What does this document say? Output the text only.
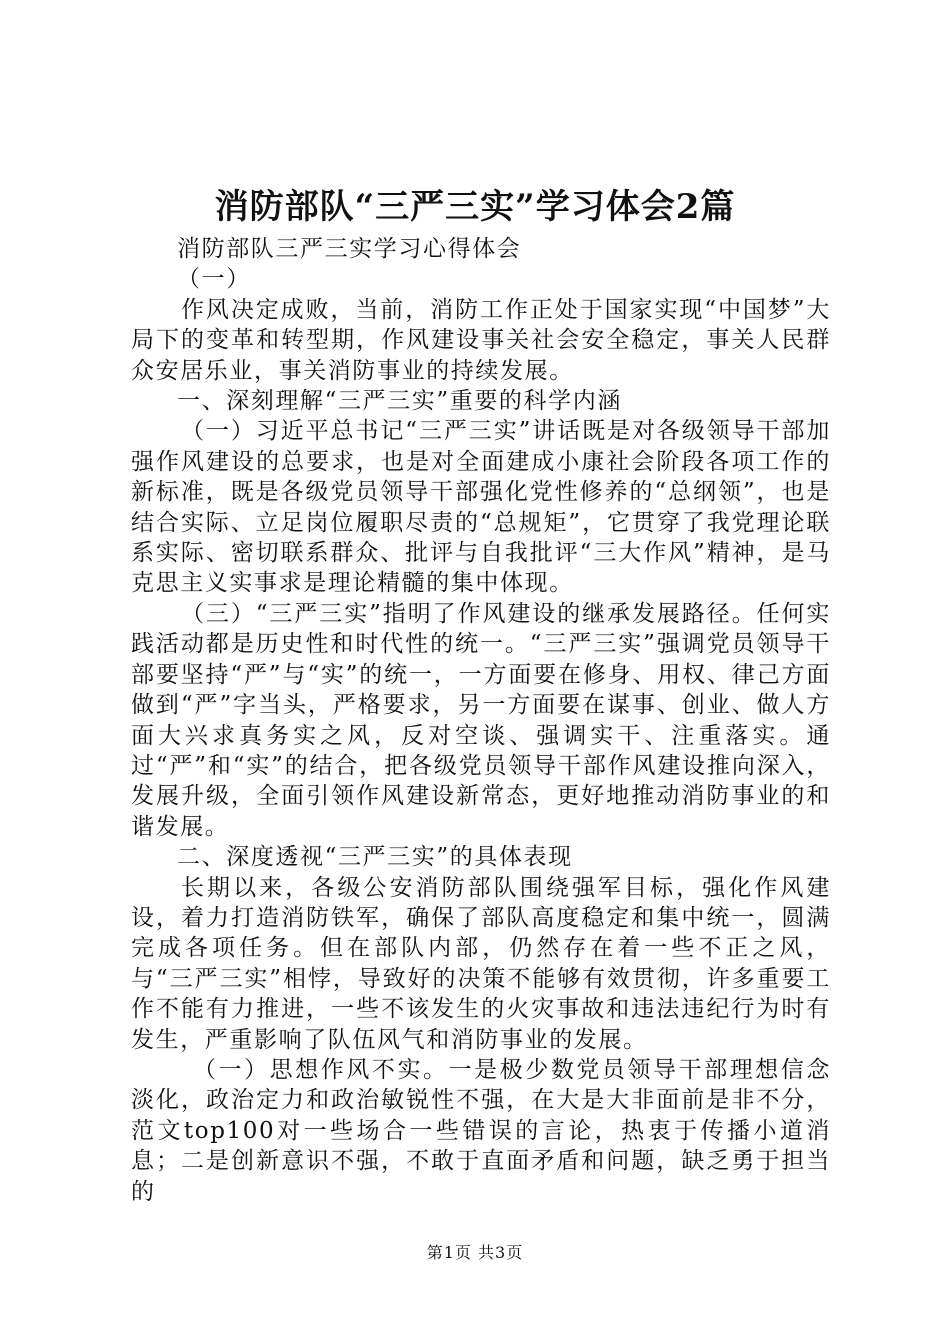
消防部队“三严三实”学习体会2篇

消防部队三严三实学习心得体会

（一）

作风决定成败，当前，消防工作正处于国家实现“中国梦”大局下的变革和转型期，作风建设事关社会安全稳定，事关人民群众安居乐业，事关消防事业的持续发展。

一、深刻理解“三严三实”重要的科学内涵

（一）习近平总书记“三严三实”讲话既是对各级领导干部加强作风建设的总要求，也是对全面建成小康社会阶段各项工作的新标准，既是各级党员领导干部强化党性修养的“总纲领”，也是结合实际、立足岗位履职尽责的“总规矩”，它贯穿了我党理论联系实际、密切联系群众、批评与自我批评“三大作风”精神，是马克思主义实事求是理论精髓的集中体现。

（三）“三严三实”指明了作风建设的继承发展路径。任何实践活动都是历史性和时代性的统一。“三严三实”强调党员领导干部要坚持“严”与“实”的统一，一方面要在修身、用权、律己方面做到“严”字当头，严格要求，另一方面要在谋事、创业、做人方面大兴求真务实之风，反对空谈、强调实干、注重落实。通过“严”和“实”的结合，把各级党员领导干部作风建设推向深入，发展升级，全面引领作风建设新常态，更好地推动消防事业的和谐发展。

二、深度透视“三严三实”的具体表现

长期以来，各级公安消防部队围绕强军目标，强化作风建设，着力打造消防铁军，确保了部队高度稳定和集中统一，圆满完成各项任务。但在部队内部，仍然存在着一些不正之风，与“三严三实”相悖，导致好的决策不能够有效贯彻，许多重要工作不能有力推进，一些不该发生的火灾事故和违法违纪行为时有发生，严重影响了队伍风气和消防事业的发展。

（一）思想作风不实。一是极少数党员领导干部理想信念淡化，政治定力和政治敏锐性不强，在大是大非面前是非不分，范文top100对一些场合一些错误的言论，热衷于传播小道消息；二是创新意识不强，不敢于直面矛盾和问题，缺乏勇于担当的

第1页 共3页
